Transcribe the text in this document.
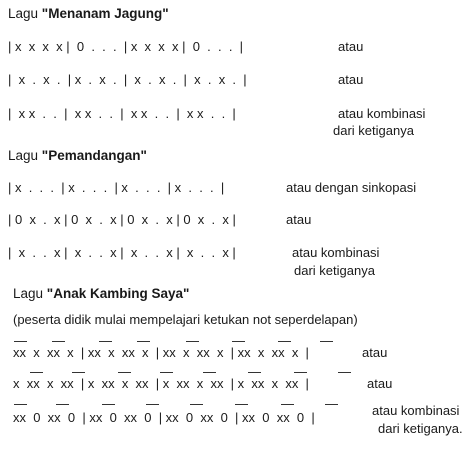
Lagu "Menanam Jagung"
| x  x  x  x |  0  .  .  .  | x  x  x  x |  0  .  .  .  |	atau
|  x  .  x  .  | x  .  x  .  |  x  .  x  .  |  x  .  x  .  |	atau
|  x x  .  .  |  x x  .  .  |  x x  .  .  |  x x  .  .  |	atau kombinasi
dari ketiganya
Lagu "Pemandangan"
| x  .  .  .  | x  .  .  .  | x  .  .  .  | x  .  .  .  |	atau dengan sinkopasi
| 0  x  .  x | 0  x  .  x | 0  x  .  x | 0  x  .  x |	atau
|  x  .  .  x |  x  .  .  x |  x  .  .  x |  x  .  .  x |	atau kombinasi
dari ketiganya
Lagu "Anak Kambing Saya"
(peserta didik mulai mempelajari ketukan not seperdelapan)
xx  x  xx  x  | xx  x  xx  x  | xx  x  xx  x  | xx  x  xx  x  |	atau
x  xx  x  xx  | x  xx  x  xx  | x  xx  x  xx  | x  xx  x  xx  |	atau
xx  0  xx  0  | xx  0  xx  0  | xx  0  xx  0  | xx  0  xx  0  |	atau kombinasi
dari ketiganya.
